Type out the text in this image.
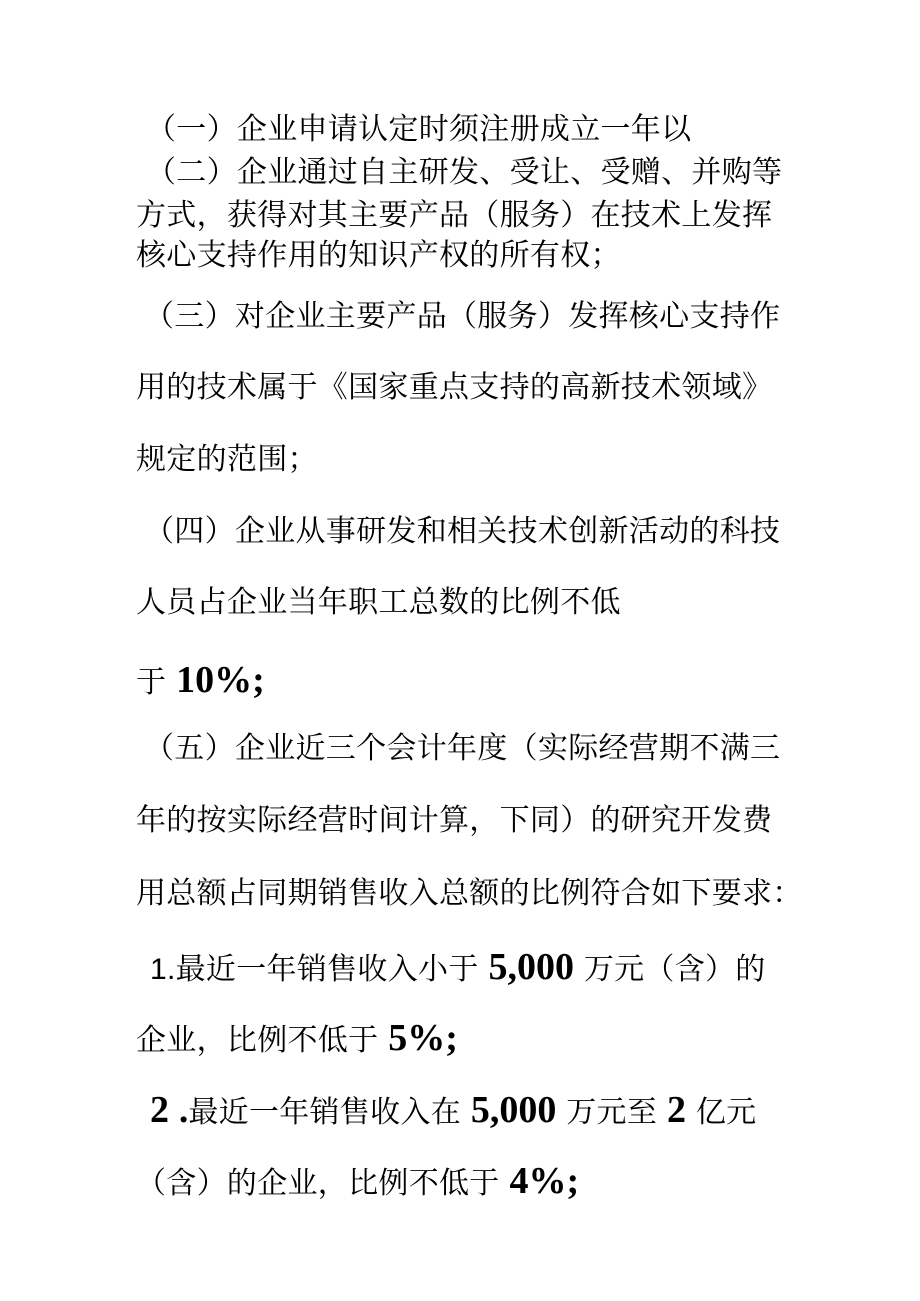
（一）企业申请认定时须注册成立一年以
（二）企业通过自主研发、受让、受赠、并购等
方式，获得对其主要产品（服务）在技术上发挥
核心支持作用的知识产权的所有权；
（三）对企业主要产品（服务）发挥核心支持作
用的技术属于《国家重点支持的高新技术领域》
规定的范围；
（四）企业从事研发和相关技术创新活动的科技
人员占企业当年职工总数的比例不低
于 10%;
（五）企业近三个会计年度（实际经营期不满三
年的按实际经营时间计算，下同）的研究开发费
用总额占同期销售收入总额的比例符合如下要求：
1.最近一年销售收入小于 5,000 万元（含）的
企业，比例不低于 5%;
2 .最近一年销售收入在 5,000 万元至 2 亿元
（含）的企业，比例不低于 4%;
